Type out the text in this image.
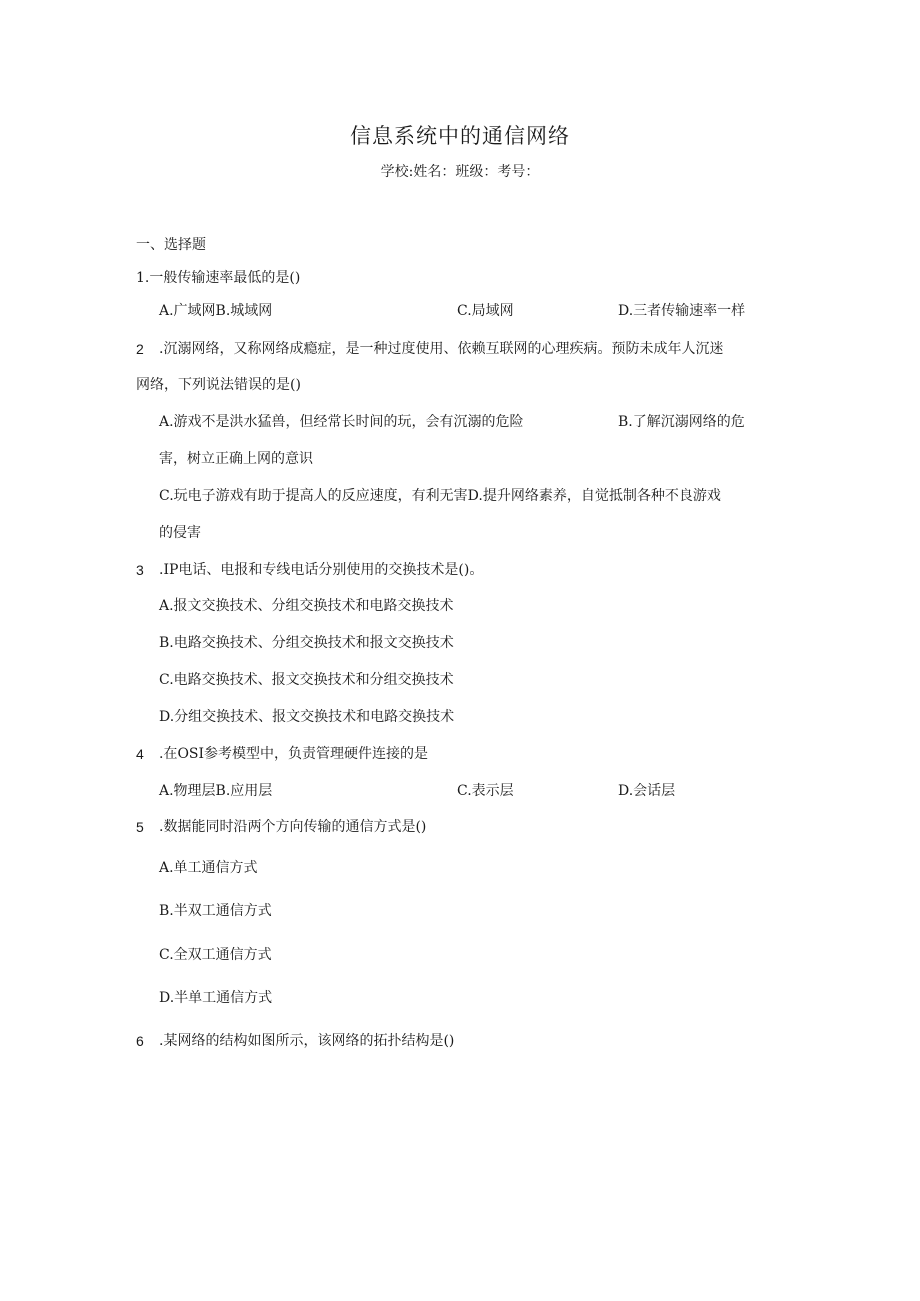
信息系统中的通信网络
学校:姓名：班级：考号：
一、选择题
1.一般传输速率最低的是()
A.广域网B.城域网	C.局域网	D.三者传输速率一样
2 .沉溺网络，又称网络成瘾症，是一种过度使用、依赖互联网的心理疾病。预防未成年人沉迷
网络，下列说法错误的是()
A.游戏不是洪水猛兽，但经常长时间的玩，会有沉溺的危险	B.了解沉溺网络的危
害，树立正确上网的意识
C.玩电子游戏有助于提高人的反应速度，有利无害D.提升网络素养，自觉抵制各种不良游戏
的侵害
3 .IP电话、电报和专线电话分别使用的交换技术是()。
A.报文交换技术、分组交换技术和电路交换技术
B.电路交换技术、分组交换技术和报文交换技术
C.电路交换技术、报文交换技术和分组交换技术
D.分组交换技术、报文交换技术和电路交换技术
4 .在OSI参考模型中，负责管理硬件连接的是
A.物理层B.应用层	C.表示层	D.会话层
5 .数据能同时沿两个方向传输的通信方式是()
A.单工通信方式
B.半双工通信方式
C.全双工通信方式
D.半单工通信方式
6 .某网络的结构如图所示，该网络的拓扑结构是()
